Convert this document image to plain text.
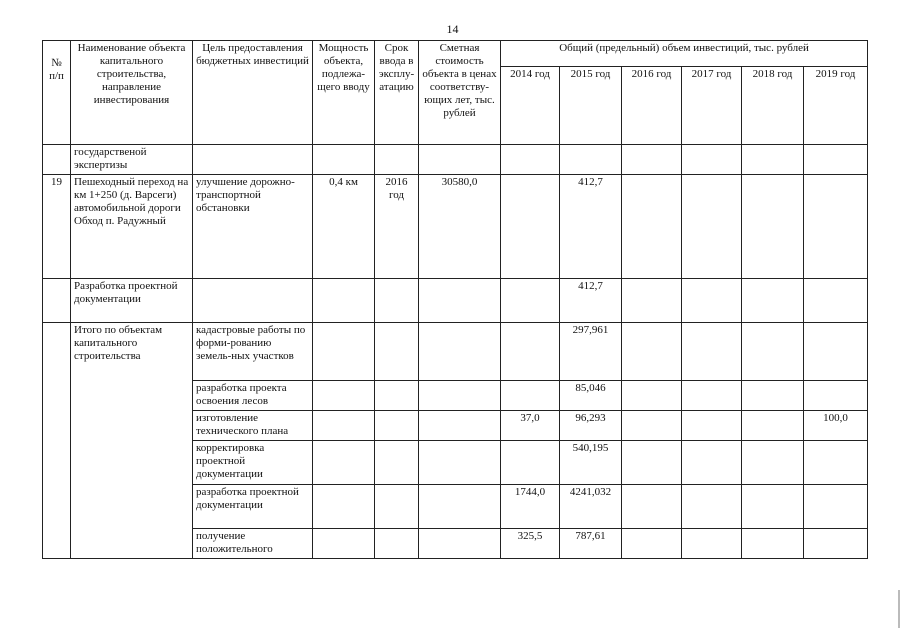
14
№ п/п	Наименование объекта капитального строительства, направление инвестирования	Цель предоставления бюджетных инвестиций	Мощность объекта, подлежа-щего вводу	Срок ввода в эксплу-атацию	Сметная стоимость объекта в ценах соответству-ющих лет, тыс. рублей	Общий (предельный) объем инвестиций, тыс. рублей					
						2014 год	2015 год	2016 год	2017 год	2018 год	2019 год
	государственой экспертизы										
19	Пешеходный переход на км 1+250 (д. Варсеги) автомобильной дороги Обход п. Радужный	улучшение дорожно-транспортной обстановки	0,4 км	2016 год	30580,0		412,7				
	Разработка проектной документации						412,7				
	Итого по объектам капитального строительства	кадастровые работы по форми-рованию земель-ных участков					297,961				
		разработка проекта освоения лесов					85,046				
		изготовление технического плана				37,0	96,293				100,0
		корректировка проектной документации					540,195				
		разработка проектной документации				1744,0	4241,032				
		получение положительного				325,5	787,61				
